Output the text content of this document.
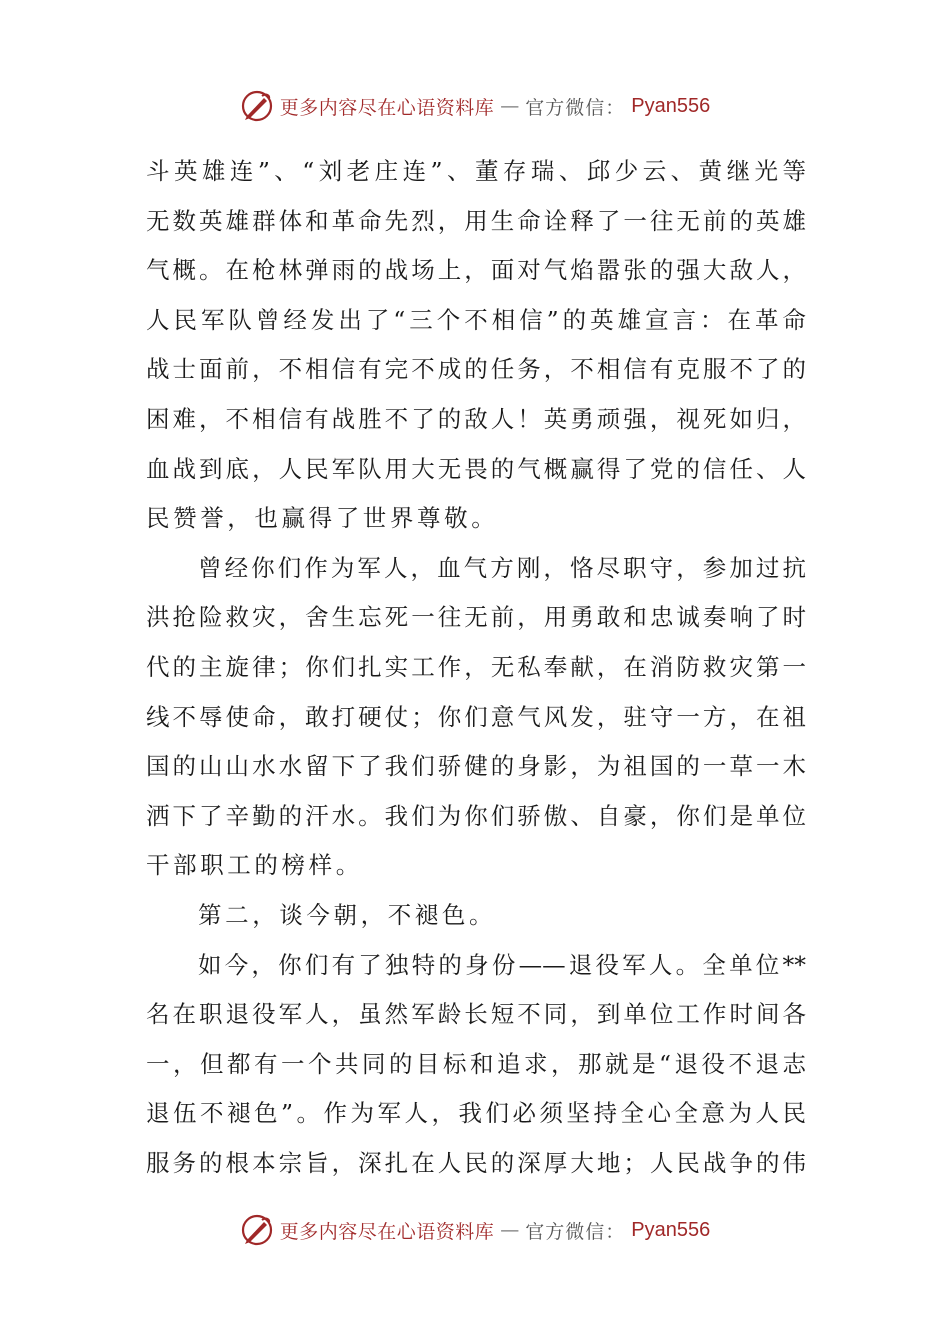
更多内容尽在心语资料库 — 官方微信： Pyan556
斗英雄连”、“刘老庄连”、董存瑞、邱少云、黄继光等
无数英雄群体和革命先烈，用生命诠释了一往无前的英雄
气概。在枪林弹雨的战场上，面对气焰嚣张的强大敌人，
人民军队曾经发出了“三个不相信”的英雄宣言：在革命
战士面前，不相信有完不成的任务，不相信有克服不了的
困难，不相信有战胜不了的敌人！英勇顽强，视死如归，
血战到底，人民军队用大无畏的气概赢得了党的信任、人
民赞誉，也赢得了世界尊敬。
曾经你们作为军人，血气方刚，恪尽职守，参加过抗
洪抢险救灾，舍生忘死一往无前，用勇敢和忠诚奏响了时
代的主旋律；你们扎实工作，无私奉献，在消防救灾第一
线不辱使命，敢打硬仗；你们意气风发，驻守一方，在祖
国的山山水水留下了我们骄健的身影，为祖国的一草一木
洒下了辛勤的汗水。我们为你们骄傲、自豪，你们是单位
干部职工的榜样。
第二，谈今朝，不褪色。
如今，你们有了独特的身份——退役军人。全单位**
名在职退役军人，虽然军龄长短不同，到单位工作时间各
一，但都有一个共同的目标和追求，那就是“退役不退志
退伍不褪色”。作为军人，我们必须坚持全心全意为人民
服务的根本宗旨，深扎在人民的深厚大地；人民战争的伟
更多内容尽在心语资料库 — 官方微信： Pyan556
